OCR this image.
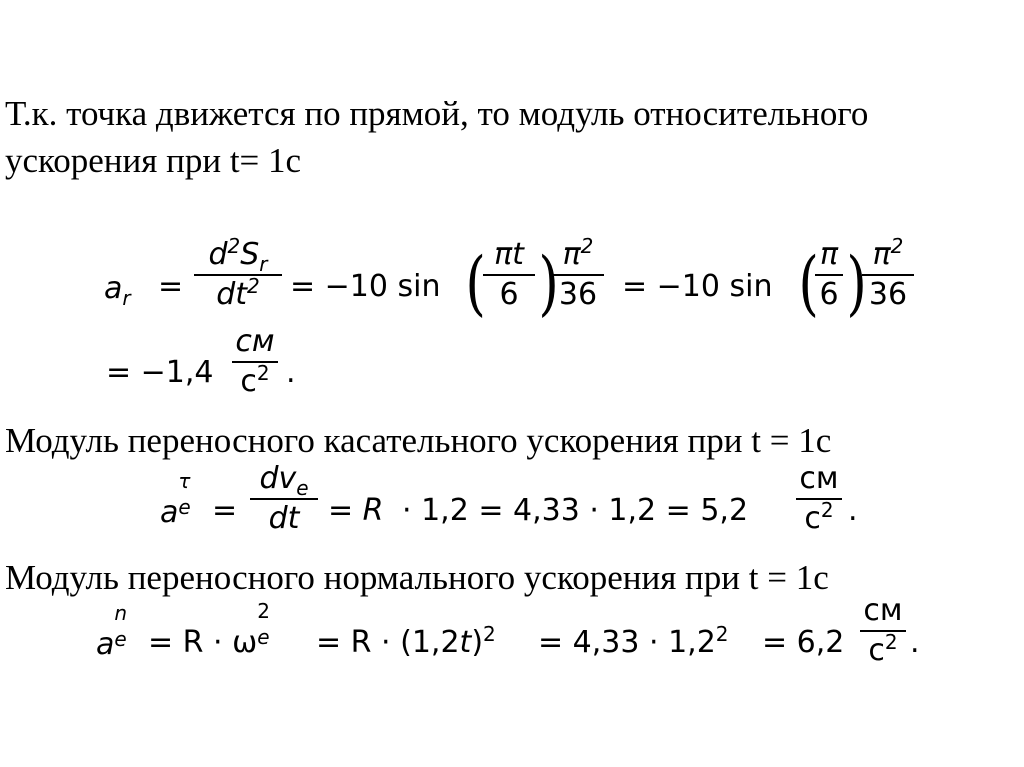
Т.к. точка движется по прямой, то модуль относительного
ускорения при t= 1с
$a_r$ =
$d^2S_r$
$dt^2$	= −10 sin ( πt
6 ) $\pi^2$
36 = −10 sin ( π
6 ) $\pi^2$
36
= −1,4
см
$с^2$ .
Модуль переносного касательного ускорения при t = 1с
a
τ
e =
$dv_e$
dt = R · 1,2 = 4,33 · 1,2 = 5,2
см
$с^2$ .
Модуль переносного нормального ускорения при t = 1с
a
n
e = R · ω
2
$e = R \cdot (1,2t)^2 = 4,33 \cdot 1,2^2 = 6,2$
см
$с^2$ .
